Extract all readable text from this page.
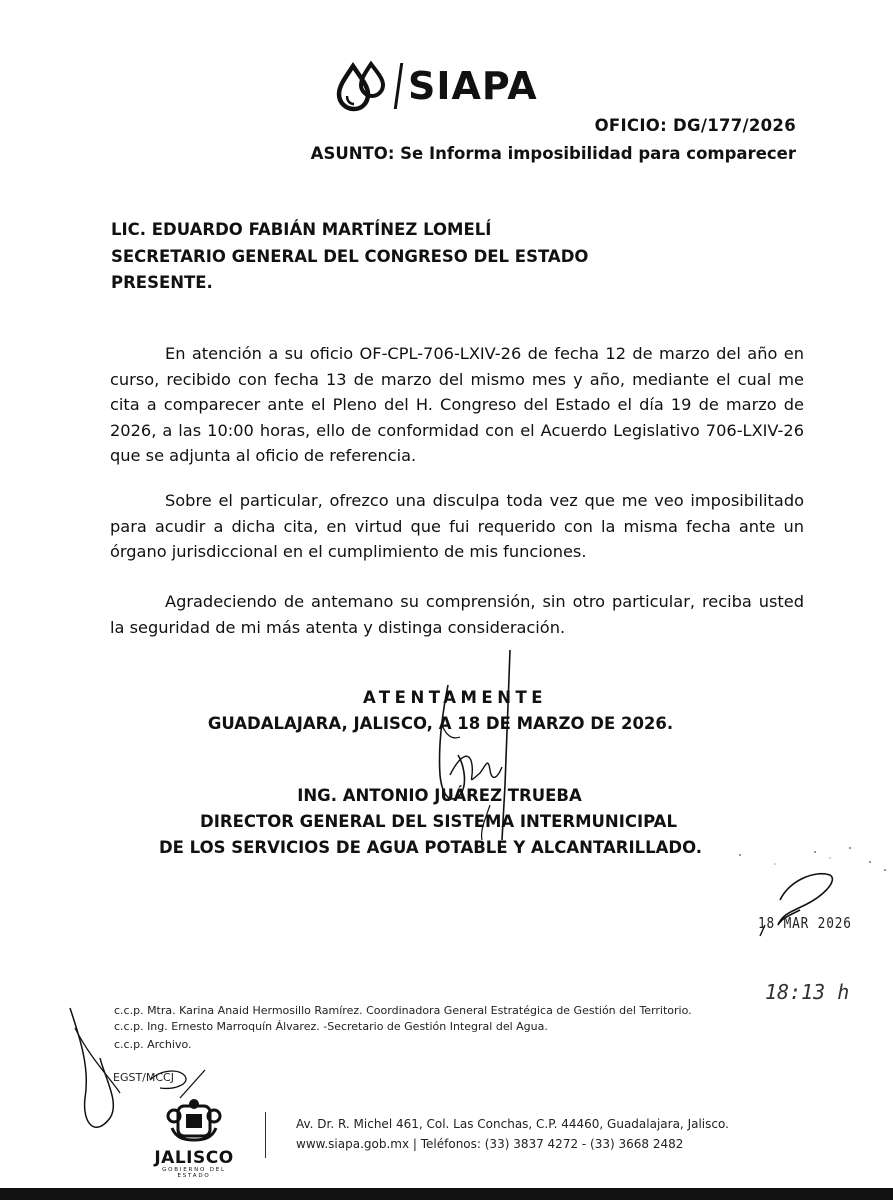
SIAPA
OFICIO: DG/177/2026
ASUNTO: Se Informa imposibilidad para comparecer
LIC. EDUARDO FABIÁN MARTÍNEZ LOMELÍ
SECRETARIO GENERAL DEL CONGRESO DEL ESTADO
PRESENTE.
En atención a su oficio OF-CPL-706-LXIV-26 de fecha 12 de marzo del año en curso, recibido con fecha 13 de marzo del mismo mes y año, mediante el cual me cita a comparecer ante el Pleno del H. Congreso del Estado el día 19 de marzo de 2026, a las 10:00 horas, ello de conformidad con el Acuerdo Legislativo 706-LXIV-26 que se adjunta al oficio de referencia.
Sobre el particular, ofrezco una disculpa toda vez que me veo imposibilitado para acudir a dicha cita, en virtud que fui requerido con la misma fecha ante un órgano jurisdiccional en el cumplimiento de mis funciones.
Agradeciendo de antemano su comprensión, sin otro particular, reciba usted la seguridad de mi más atenta y distinga consideración.
ATENTAMENTE
GUADALAJARA, JALISCO, A 18 DE MARZO DE 2026.
ING. ANTONIO JUÁREZ TRUEBA
DIRECTOR GENERAL DEL SISTEMA INTERMUNICIPAL
DE LOS SERVICIOS DE AGUA POTABLE Y ALCANTARILLADO.
18 MAR 2026
18:13 h
c.c.p. Mtra. Karina Anaid Hermosillo Ramírez. Coordinadora General Estratégica de Gestión del Territorio.
c.c.p. Ing. Ernesto Marroquín Álvarez. -Secretario de Gestión Integral del Agua.
c.c.p. Archivo.
EGST/MCCJ
JALISCO
GOBIERNO DEL ESTADO
Av. Dr. R. Michel 461, Col. Las Conchas, C.P. 44460, Guadalajara, Jalisco.
www.siapa.gob.mx | Teléfonos: (33) 3837 4272 - (33) 3668 2482
